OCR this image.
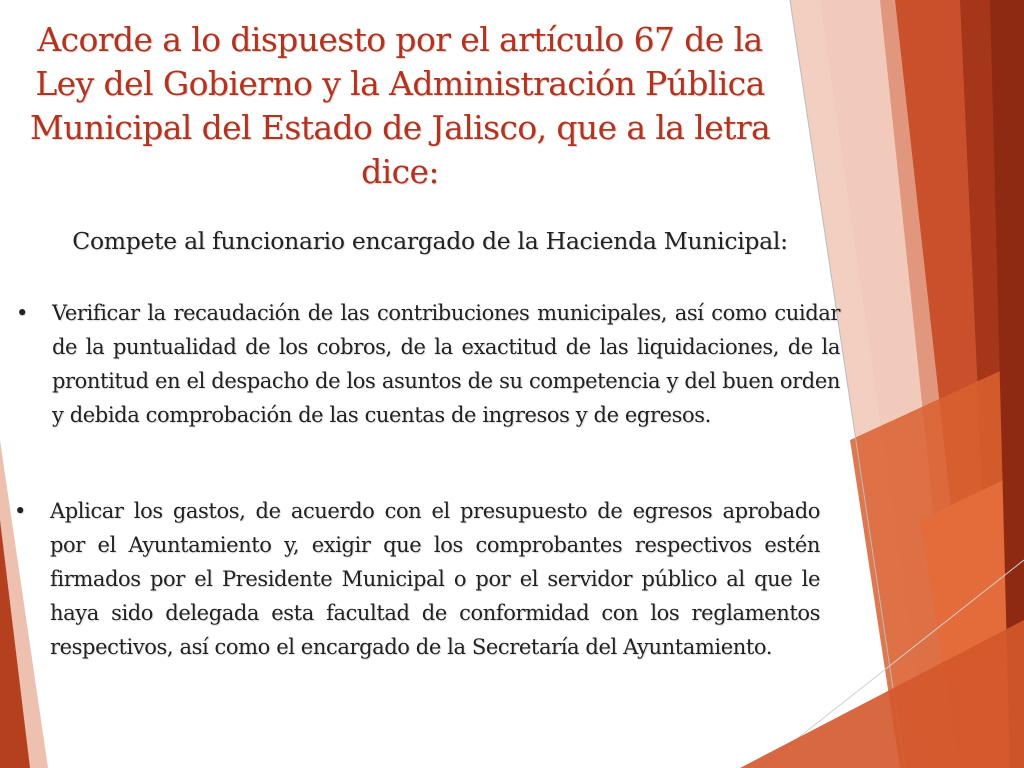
Acorde a lo dispuesto por el artículo 67 de la Ley del Gobierno y la Administración Pública Municipal del Estado de Jalisco, que a la letra dice:

Compete al funcionario encargado de la Hacienda Municipal:

• Verificar la recaudación de las contribuciones municipales, así como cuidar de la puntualidad de los cobros, de la exactitud de las liquidaciones, de la prontitud en el despacho de los asuntos de su competencia y del buen orden y debida comprobación de las cuentas de ingresos y de egresos.

• Aplicar los gastos, de acuerdo con el presupuesto de egresos aprobado por el Ayuntamiento y, exigir que los comprobantes respectivos estén firmados por el Presidente Municipal o por el servidor público al que le haya sido delegada esta facultad de conformidad con los reglamentos respectivos, así como el encargado de la Secretaría del Ayuntamiento.
